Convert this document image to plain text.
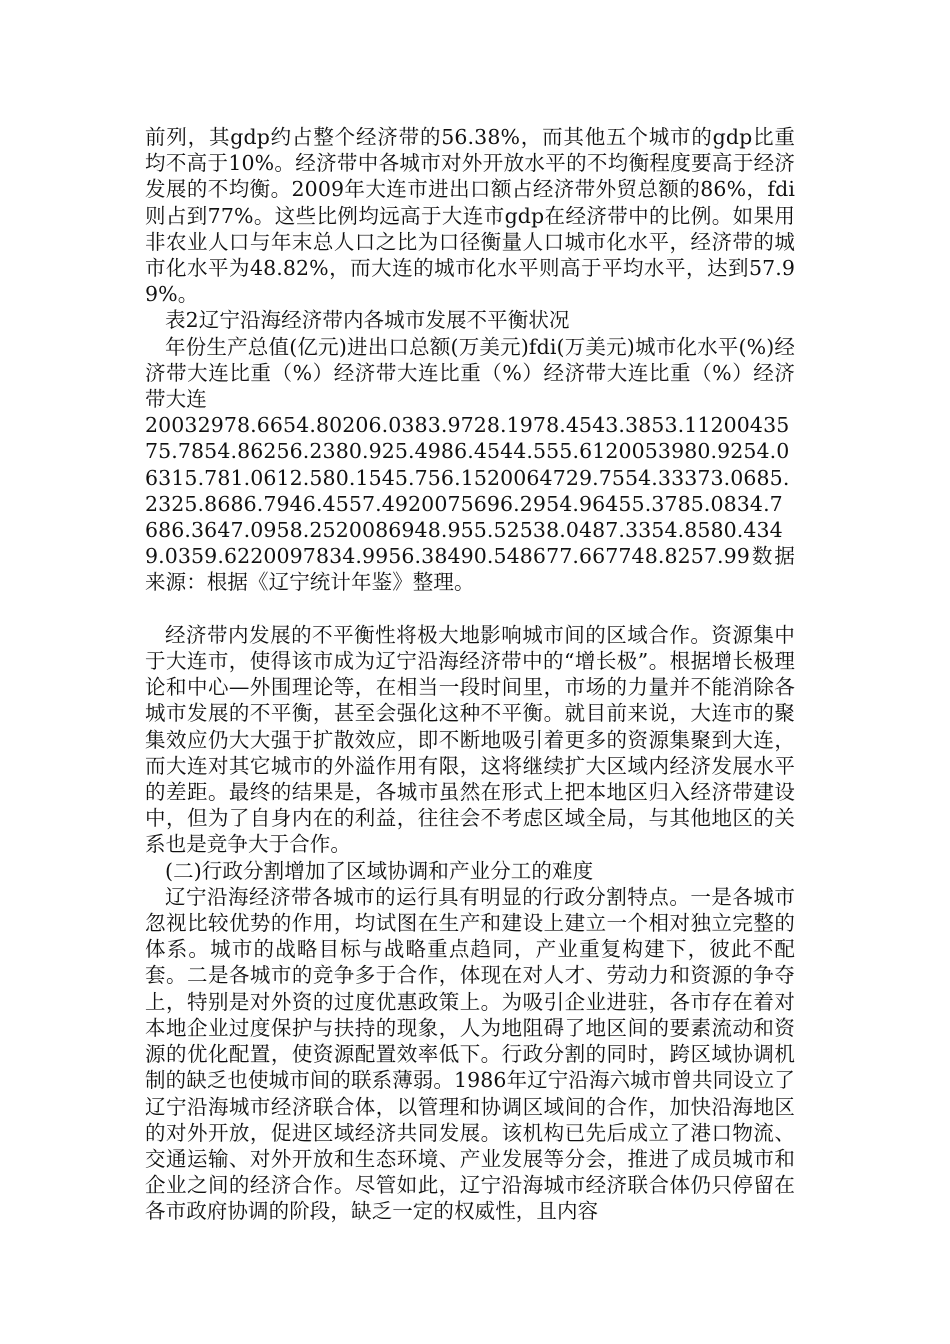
前列，其gdp约占整个经济带的56.38%，而其他五个城市的gdp比重均不高于10%。经济带中各城市对外开放水平的不均衡程度要高于经济发展的不均衡。2009年大连市进出口额占经济带外贸总额的86%，fdi则占到77%。这些比例均远高于大连市gdp在经济带中的比例。如果用非农业人口与年末总人口之比为口径衡量人口城市化水平，经济带的城市化水平为48.82%，而大连的城市化水平则高于平均水平，达到57.99%。

表2辽宁沿海经济带内各城市发展不平衡状况

年份生产总值(亿元)进出口总额(万美元)fdi(万美元)城市化水平(%)经济带大连比重（%）经济带大连比重（%）经济带大连比重（%）经济带大连

20032978.6654.80206.0383.9728.1978.4543.3853.1120043575.7854.86256.2380.925.4986.4544.555.6120053980.9254.06315.781.0612.580.1545.756.1520064729.7554.33373.0685.2325.8686.7946.4557.4920075696.2954.96455.3785.0834.7686.3647.0958.2520086948.955.52538.0487.3354.8580.4349.0359.6220097834.9956.38490.548677.667748.8257.99数据来源：根据《辽宁统计年鉴》整理。

经济带内发展的不平衡性将极大地影响城市间的区域合作。资源集中于大连市，使得该市成为辽宁沿海经济带中的“增长极”。根据增长极理论和中心—外围理论等，在相当一段时间里，市场的力量并不能消除各城市发展的不平衡，甚至会强化这种不平衡。就目前来说，大连市的聚集效应仍大大强于扩散效应，即不断地吸引着更多的资源集聚到大连，而大连对其它城市的外溢作用有限，这将继续扩大区域内经济发展水平的差距。最终的结果是，各城市虽然在形式上把本地区归入经济带建设中，但为了自身内在的利益，往往会不考虑区域全局，与其他地区的关系也是竞争大于合作。

(二)行政分割增加了区域协调和产业分工的难度

辽宁沿海经济带各城市的运行具有明显的行政分割特点。一是各城市忽视比较优势的作用，均试图在生产和建设上建立一个相对独立完整的体系。城市的战略目标与战略重点趋同，产业重复构建下，彼此不配套。二是各城市的竞争多于合作，体现在对人才、劳动力和资源的争夺上，特别是对外资的过度优惠政策上。为吸引企业进驻，各市存在着对本地企业过度保护与扶持的现象，人为地阻碍了地区间的要素流动和资源的优化配置，使资源配置效率低下。行政分割的同时，跨区域协调机制的缺乏也使城市间的联系薄弱。1986年辽宁沿海六城市曾共同设立了辽宁沿海城市经济联合体，以管理和协调区域间的合作，加快沿海地区的对外开放，促进区域经济共同发展。该机构已先后成立了港口物流、交通运输、对外开放和生态环境、产业发展等分会，推进了成员城市和企业之间的经济合作。尽管如此，辽宁沿海城市经济联合体仍只停留在各市政府协调的阶段，缺乏一定的权威性，且内容
